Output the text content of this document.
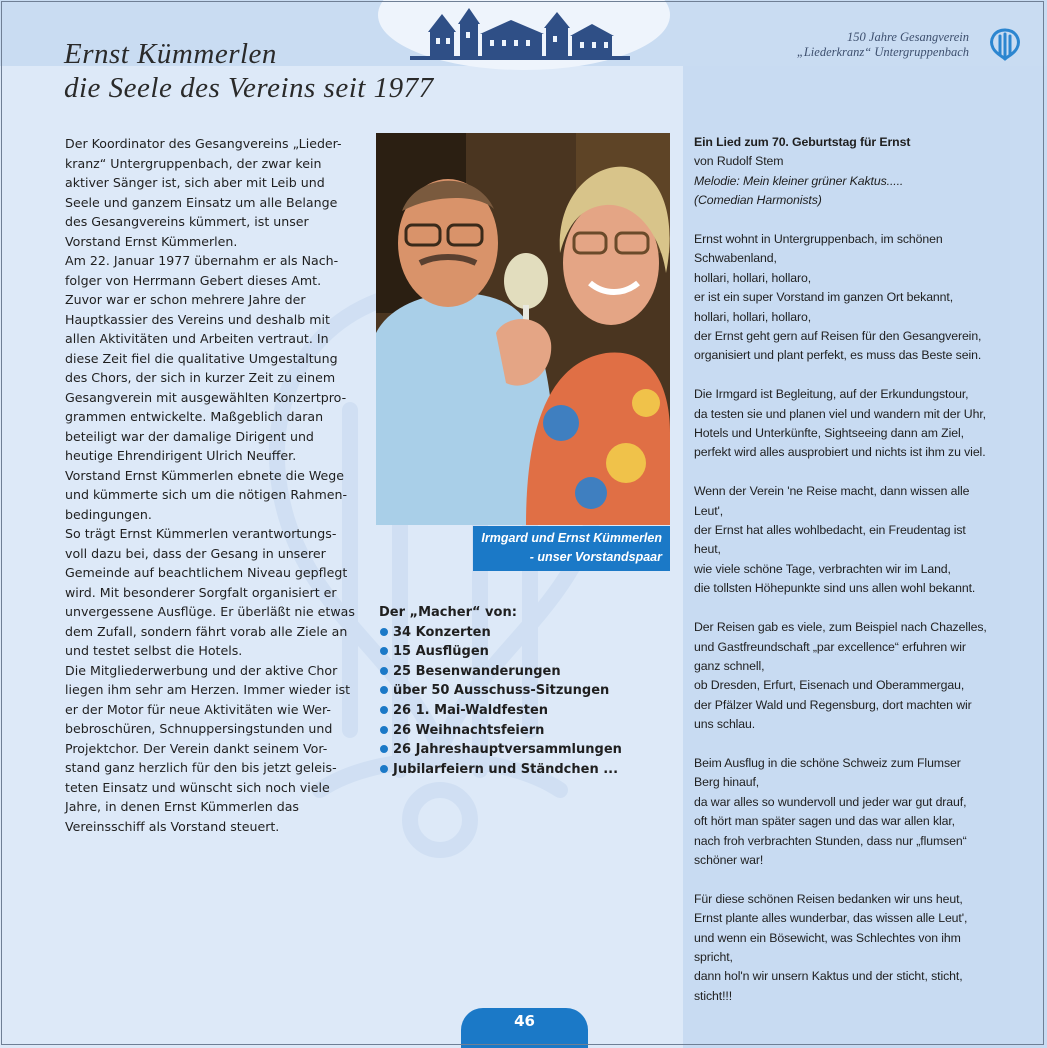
Ernst Kümmerlen
die Seele des Vereins seit 1977
150 Jahre Gesangverein
„Liederkranz“ Untergruppenbach

Der Koordinator des Gesangvereins „Lieder-kranz“ Untergruppenbach, der zwar kein aktiver Sänger ist, sich aber mit Leib und Seele und ganzem Einsatz um alle Belange des Gesangvereins kümmert, ist unser Vorstand Ernst Kümmerlen.

Am 22. Januar 1977 übernahm er als Nach-folger von Herrmann Gebert dieses Amt. Zuvor war er schon mehrere Jahre der Hauptkassier des Vereins und deshalb mit allen Aktivitäten und Arbeiten vertraut. In diese Zeit fiel die qualitative Umgestaltung des Chors, der sich in kurzer Zeit zu einem Gesangverein mit ausgewählten Konzertpro-grammen entwickelte. Maßgeblich daran beteiligt war der damalige Dirigent und heutige Ehrendirigent Ulrich Neuffer. Vorstand Ernst Kümmerlen ebnete die Wege und kümmerte sich um die nötigen Rahmen-bedingungen.

So trägt Ernst Kümmerlen verantwortungs-voll dazu bei, dass der Gesang in unserer Gemeinde auf beachtlichem Niveau gepflegt wird. Mit besonderer Sorgfalt organisiert er unvergessene Ausflüge. Er überläßt nie etwas dem Zufall, sondern fährt vorab alle Ziele an und testet selbst die Hotels.

Die Mitgliederwerbung und der aktive Chor liegen ihm sehr am Herzen. Immer wieder ist er der Motor für neue Aktivitäten wie Wer-bebroschüren, Schnuppersingstunden und Projektchor. Der Verein dankt seinem Vor-stand ganz herzlich für den bis jetzt geleis-teten Einsatz und wünscht sich noch viele Jahre, in denen Ernst Kümmerlen das Vereinsschiff als Vorstand steuert.

Irmgard und Ernst Kümmerlen
- unser Vorstandspaar
Der „Macher“ von:
34 Konzerten
15 Ausflügen
25 Besenwanderungen
über 50 Ausschuss-Sitzungen
26 1. Mai-Waldfesten
26 Weihnachtsfeiern
26 Jahreshauptversammlungen
Jubilarfeiern und Ständchen ...
Ein Lied zum 70. Geburtstag für Ernst
von Rudolf Stem
Melodie: Mein kleiner grüner Kaktus.....
(Comedian Harmonists)
Ernst wohnt in Untergruppenbach, im schönen
Schwabenland,
hollari, hollari, hollaro,
er ist ein super Vorstand im ganzen Ort bekannt,
hollari, hollari, hollaro,
der Ernst geht gern auf Reisen für den Gesangverein,
organisiert und plant perfekt, es muss das Beste sein.
Die Irmgard ist Begleitung, auf der Erkundungstour,
da testen sie und planen viel und wandern mit der Uhr,
Hotels und Unterkünfte, Sightseeing dann am Ziel,
perfekt wird alles ausprobiert und nichts ist ihm zu viel.
Wenn der Verein 'ne Reise macht, dann wissen alle Leut',
der Ernst hat alles wohlbedacht, ein Freudentag ist heut,
wie viele schöne Tage, verbrachten wir im Land,
die tollsten Höhepunkte sind uns allen wohl bekannt.
Der Reisen gab es viele, zum Beispiel nach Chazelles,
und Gastfreundschaft „par excellence“ erfuhren wir
ganz schnell,
ob Dresden, Erfurt, Eisenach und Oberammergau,
der Pfälzer Wald und Regensburg, dort machten wir
uns schlau.
Beim Ausflug in die schöne Schweiz zum Flumser
Berg hinauf,
da war alles so wundervoll und jeder war gut drauf,
oft hört man später sagen und das war allen klar,
nach froh verbrachten Stunden, dass nur „flumsen“
schöner war!
Für diese schönen Reisen bedanken wir uns heut,
Ernst plante alles wunderbar, das wissen alle Leut',
und wenn ein Bösewicht, was Schlechtes von ihm
spricht,
dann hol'n wir unsern Kaktus und der sticht, sticht,
sticht!!!
46
